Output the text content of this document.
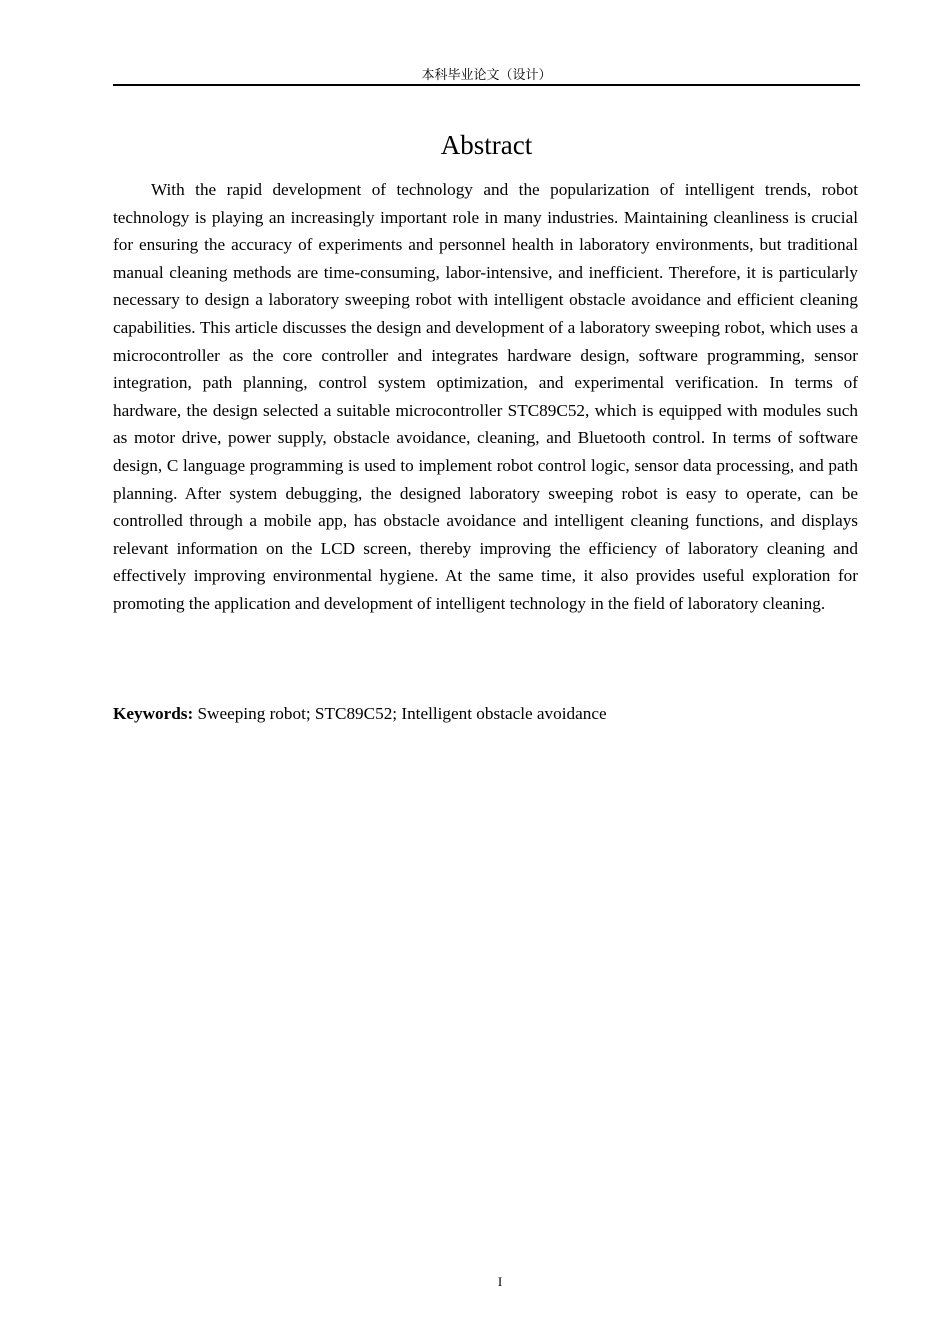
本科毕业论文（设计）
Abstract

With the rapid development of technology and the popularization of intelligent trends, robot technology is playing an increasingly important role in many industries. Maintaining cleanliness is crucial for ensuring the accuracy of experiments and personnel health in laboratory environments, but traditional manual cleaning methods are time-consuming, labor-intensive, and inefficient. Therefore, it is particularly necessary to design a laboratory sweeping robot with intelligent obstacle avoidance and efficient cleaning capabilities. This article discusses the design and development of a laboratory sweeping robot, which uses a microcontroller as the core controller and integrates hardware design, software programming, sensor integration, path planning, control system optimization, and experimental verification. In terms of hardware, the design selected a suitable microcontroller STC89C52, which is equipped with modules such as motor drive, power supply, obstacle avoidance, cleaning, and Bluetooth control. In terms of software design, C language programming is used to implement robot control logic, sensor data processing, and path planning. After system debugging, the designed laboratory sweeping robot is easy to operate, can be controlled through a mobile app, has obstacle avoidance and intelligent cleaning functions, and displays relevant information on the LCD screen, thereby improving the efficiency of laboratory cleaning and effectively improving environmental hygiene. At the same time, it also provides useful exploration for promoting the application and development of intelligent technology in the field of laboratory cleaning.

Keywords: Sweeping robot; STC89C52; Intelligent obstacle avoidance

I
